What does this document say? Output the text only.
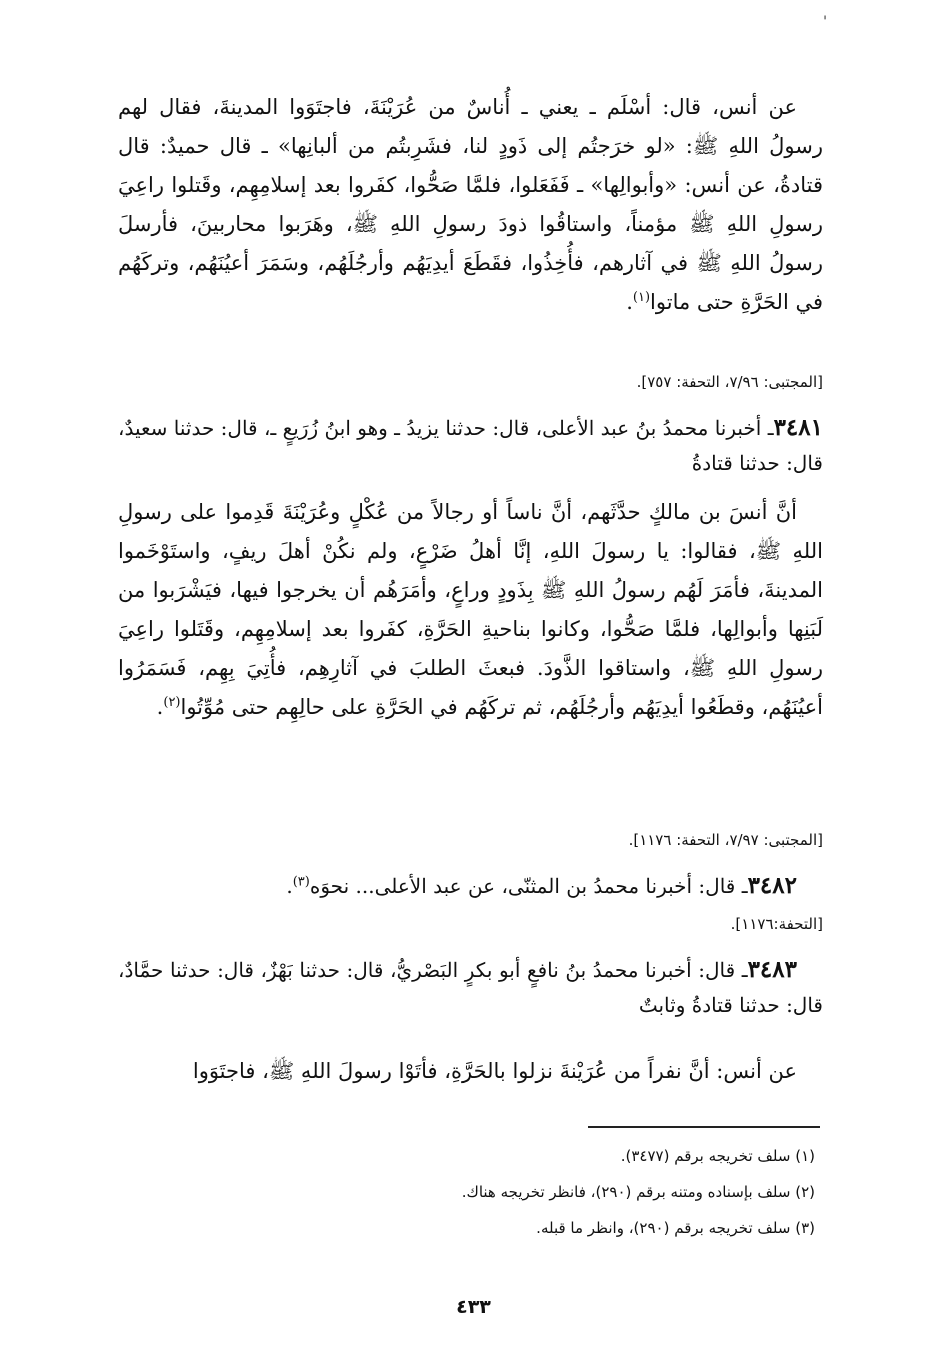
'

عن أنس، قال: أسْلَم ـ يعني ـ أُناسٌ من عُرَيْنَةَ، فاجتَوَوا المدينةَ، فقال لهم رسولُ اللهِ ﷺ: «لو خرَجتُم إلى ذَودٍ لنا، فشَرِبتُم من ألبانِها» ـ قال حميدٌ: قال قتادةُ، عن أنس: «وأبوالِها» ـ فَفَعَلوا، فلمَّا صَحُّوا، كفَروا بعد إسلامِهِم، وقَتلوا راعِيَ رسولِ اللهِ ﷺ مؤمناً، واستاقُوا ذودَ رسولِ اللهِ ﷺ، وهَرَبوا محاربينَ، فأرسلَ رسولُ اللهِ ﷺ في آثارهم، فأُخِذُوا، فقَطَعَ أيدِيَهُم وأرجُلَهُم، وسَمَرَ أعيُنَهُم، وتركَهُم في الحَرَّةِ حتى ماتوا$^{(١)}$.

[المجتبى: ٧/٩٦، التحفة: ٧٥٧].

٣٤٨١ـ أخبرنا محمدُ بنُ عبد الأعلى، قال: حدثنا يزيدُ ـ وهو ابنُ زُرَيعٍ ـ، قال: حدثنا سعيدٌ، قال: حدثنا قتادةُ

أنَّ أنسَ بن مالكٍ حدَّثَهم، أنَّ ناساً أو رجالاً من عُكْلٍ وعُرَيْنَةَ قَدِموا على رسولِ اللهِ ﷺ، فقالوا: يا رسولَ اللهِ، إنَّا أهلُ ضَرْعٍ، ولم نكُنْ أهلَ ريفٍ، واستَوْخَموا المدينةَ، فأمَرَ لَهُم رسولُ اللهِ ﷺ بِذَودٍ وراعٍ، وأمَرَهُم أن يخرجوا فيها، فيَشْرَبوا من لَبَنِها وأبوالِها، فلمَّا صَحُّوا، وكانوا بناحيةِ الحَرَّةِ، كفَروا بعد إسلامِهِم، وقَتَلوا راعِيَ رسولِ اللهِ ﷺ، واستاقوا الذَّودَ. فبعثَ الطلبَ في آثارِهِم، فأُتِيَ بِهِم، فَسَمَرُوا أعيُنَهُم، وقطَعُوا أيدِيَهُم وأرجُلَهُم، ثم تركَهُم في الحَرَّةِ على حالِهِم حتى مُوِّتُوا$^{(٢)}$.

[المجتبى: ٧/٩٧، التحفة: ١١٧٦].

٣٤٨٢ـ قال: أخبرنا محمدُ بن المثنّى، عن عبد الأعلى... نحوَه$^{(٣)}$.

[التحفة:١١٧٦].

٣٤٨٣ـ قال: أخبرنا محمدُ بنُ نافعٍ أبو بكرٍ البَصْريُّ، قال: حدثنا بَهْزٌ، قال: حدثنا حمَّادٌ، قال: حدثنا قتادةُ وثابتٌ

عن أنس: أنَّ نفراً من عُرَيْنةَ نزلوا بالحَرَّةِ، فأتَوْا رسولَ اللهِ ﷺ، فاجتَوَوا

(١) سلف تخريجه برقم (٣٤٧٧).

(٢) سلف بإسناده ومتنه برقم (٢٩٠)، فانظر تخريجه هناك.

(٣) سلف تخريجه برقم (٢٩٠)، وانظر ما قبله.

٤٣٣
